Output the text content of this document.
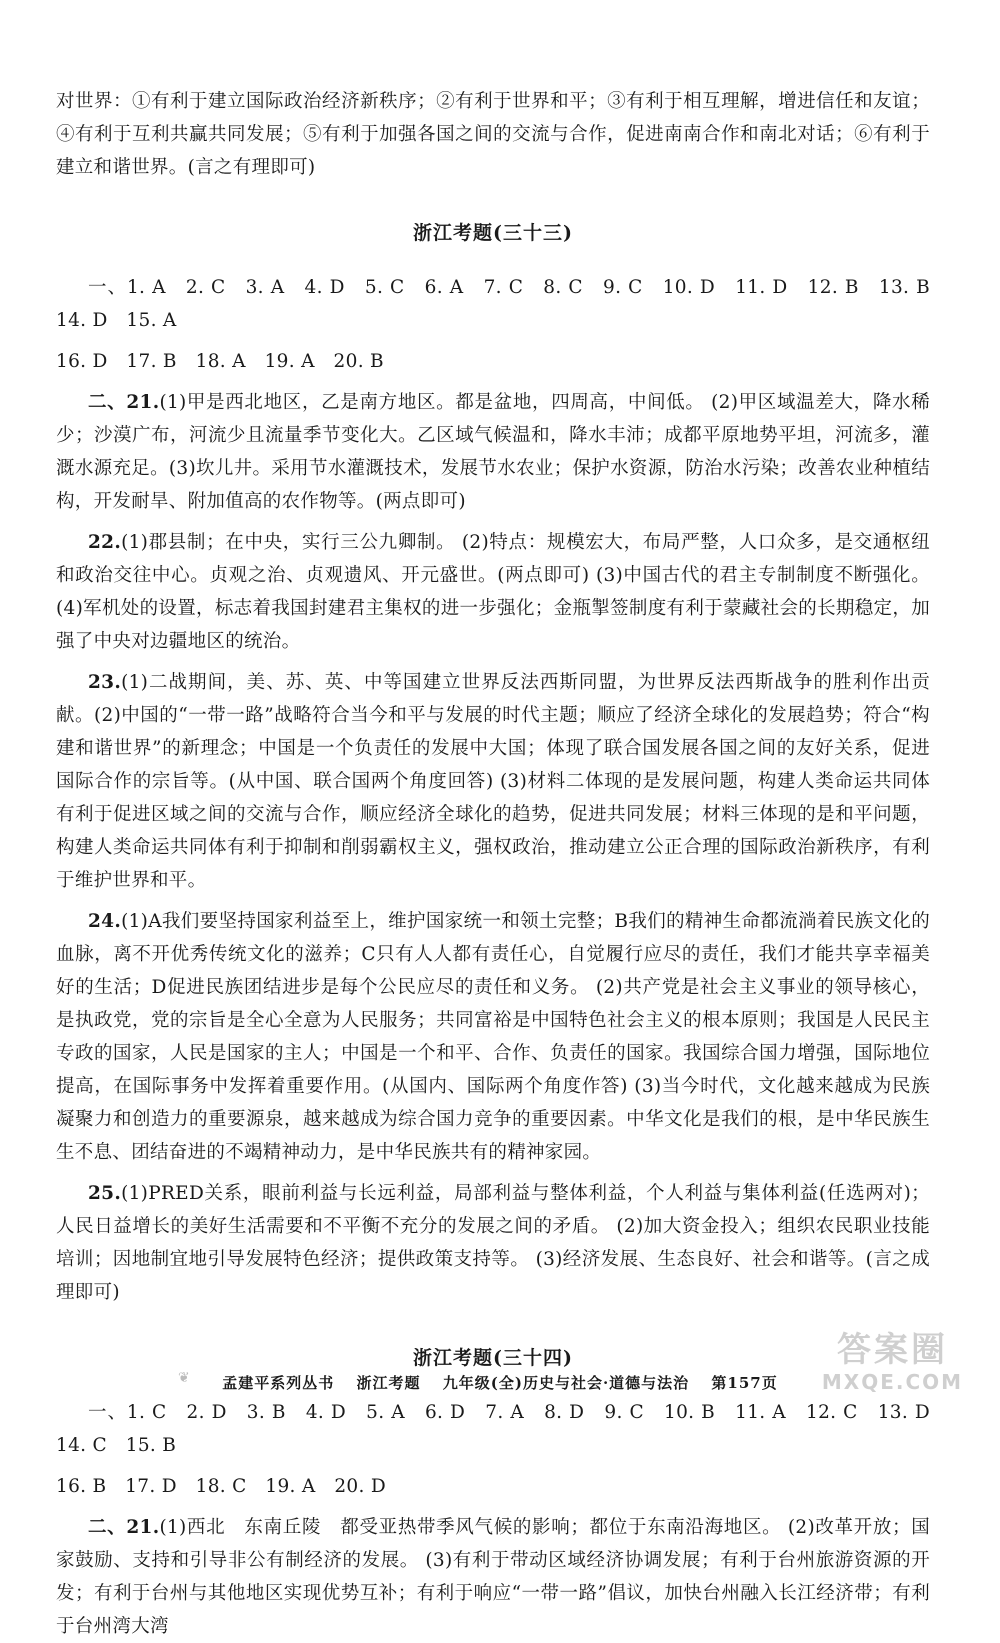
对世界：①有利于建立国际政治经济新秩序；②有利于世界和平；③有利于相互理解，增进信任和友谊；④有利于互利共赢共同发展；⑤有利于加强各国之间的交流与合作，促进南南合作和南北对话；⑥有利于建立和谐世界。(言之有理即可)

浙江考题(三十三)

一、1. A　2. C　3. A　4. D　5. C　6. A　7. C　8. C　9. C　10. D　11. D　12. B　13. B　14. D　15. A

16. D　17. B　18. A　19. A　20. B

二、21.(1)甲是西北地区，乙是南方地区。都是盆地，四周高，中间低。 (2)甲区域温差大，降水稀少；沙漠广布，河流少且流量季节变化大。乙区域气候温和，降水丰沛；成都平原地势平坦，河流多，灌溉水源充足。(3)坎儿井。采用节水灌溉技术，发展节水农业；保护水资源，防治水污染；改善农业种植结构，开发耐旱、附加值高的农作物等。(两点即可)

22.(1)郡县制；在中央，实行三公九卿制。 (2)特点：规模宏大，布局严整，人口众多，是交通枢纽和政治交往中心。贞观之治、贞观遗风、开元盛世。(两点即可) (3)中国古代的君主专制制度不断强化。 (4)军机处的设置，标志着我国封建君主集权的进一步强化；金瓶掣签制度有利于蒙藏社会的长期稳定，加强了中央对边疆地区的统治。

23.(1)二战期间，美、苏、英、中等国建立世界反法西斯同盟，为世界反法西斯战争的胜利作出贡献。(2)中国的“一带一路”战略符合当今和平与发展的时代主题；顺应了经济全球化的发展趋势；符合“构建和谐世界”的新理念；中国是一个负责任的发展中大国；体现了联合国发展各国之间的友好关系，促进国际合作的宗旨等。(从中国、联合国两个角度回答) (3)材料二体现的是发展问题，构建人类命运共同体有利于促进区域之间的交流与合作，顺应经济全球化的趋势，促进共同发展；材料三体现的是和平问题，构建人类命运共同体有利于抑制和削弱霸权主义，强权政治，推动建立公正合理的国际政治新秩序，有利于维护世界和平。

24.(1)A我们要坚持国家利益至上，维护国家统一和领土完整；B我们的精神生命都流淌着民族文化的血脉，离不开优秀传统文化的滋养；C只有人人都有责任心，自觉履行应尽的责任，我们才能共享幸福美好的生活；D促进民族团结进步是每个公民应尽的责任和义务。 (2)共产党是社会主义事业的领导核心，是执政党，党的宗旨是全心全意为人民服务；共同富裕是中国特色社会主义的根本原则；我国是人民民主专政的国家，人民是国家的主人；中国是一个和平、合作、负责任的国家。我国综合国力增强，国际地位提高，在国际事务中发挥着重要作用。(从国内、国际两个角度作答) (3)当今时代，文化越来越成为民族凝聚力和创造力的重要源泉，越来越成为综合国力竞争的重要因素。中华文化是我们的根，是中华民族生生不息、团结奋进的不竭精神动力，是中华民族共有的精神家园。

25.(1)PRED关系，眼前利益与长远利益，局部利益与整体利益，个人利益与集体利益(任选两对)；人民日益增长的美好生活需要和不平衡不充分的发展之间的矛盾。 (2)加大资金投入；组织农民职业技能培训；因地制宜地引导发展特色经济；提供政策支持等。 (3)经济发展、生态良好、社会和谐等。(言之成理即可)

浙江考题(三十四)

一、1. C　2. D　3. B　4. D　5. A　6. D　7. A　8. D　9. C　10. B　11. A　12. C　13. D　14. C　15. B

16. B　17. D　18. C　19. A　20. D

二、21.(1)西北　东南丘陵　都受亚热带季风气候的影响；都位于东南沿海地区。 (2)改革开放；国家鼓励、支持和引导非公有制经济的发展。 (3)有利于带动区域经济协调发展；有利于台州旅游资源的开发；有利于台州与其他地区实现优势互补；有利于响应“一带一路”倡议，加快台州融入长江经济带；有利于台州湾大湾

❦	孟建平系列丛书 浙江考题 九年级(全)历史与社会·道德与法治 第157页
答案圈
MXQE.COM
